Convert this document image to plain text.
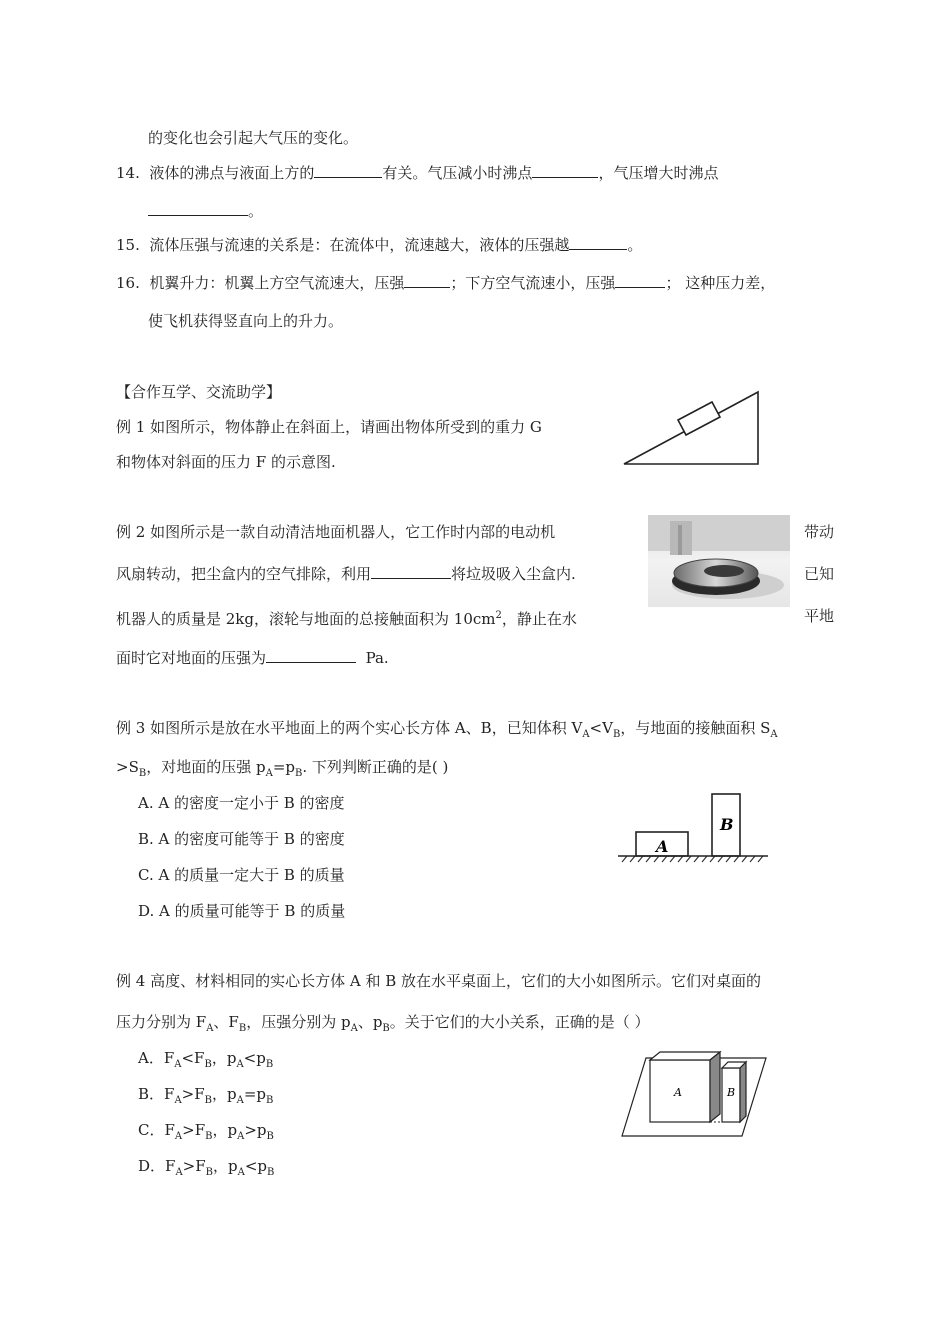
的变化也会引起大气压的变化。
14. 液体的沸点与液面上方的	有关。气压减小时沸点	，气压增大时沸点
。
15. 流体压强与流速的关系是：在流体中，流速越大，液体的压强越	。
16. 机翼升力：机翼上方空气流速大，压强	；下方空气流速小，压强	； 这种压力差，
使飞机获得竖直向上的升力。
【合作互学、交流助学】
例 1 如图所示，物体静止在斜面上，请画出物体所受到的重力 G
和物体对斜面的压力 F 的示意图.
例 2 如图所示是一款自动清洁地面机器人，它工作时内部的电动机	带动
风扇转动，把尘盒内的空气排除，利用	将垃圾吸入尘盒内.	已知
机器人的质量是 2kg，滚轮与地面的总接触面积为 $10cm^2$，静止在水	平地
面时它对地面的压强为	Pa.
例 3 如图所示是放在水平地面上的两个实心长方体 A、B，已知体积 $V_A<V_B$，与地面的接触面积 $S_A$
$>S_B$，对地面的压强 $p_A=p_B$. 下列判断正确的是( )
A. A 的密度一定小于 B 的密度
B. A 的密度可能等于 B 的密度
C. A 的质量一定大于 B 的质量
D. A 的质量可能等于 B 的质量
A
B
例 4 高度、材料相同的实心长方体 A 和 B 放在水平桌面上，它们的大小如图所示。它们对桌面的
压力分别为 $F_A$、$F_B$，压强分别为 $p_A$、$p_B$。关于它们的大小关系，正确的是（ ）
A．$F_A<F_B$，$p_A<p_B$
B．$F_A>F_B$，$p_A=p_B$
C．$F_A>F_B$，$p_A>p_B$
D．$F_A>F_B$，$p_A<p_B$
A	B
